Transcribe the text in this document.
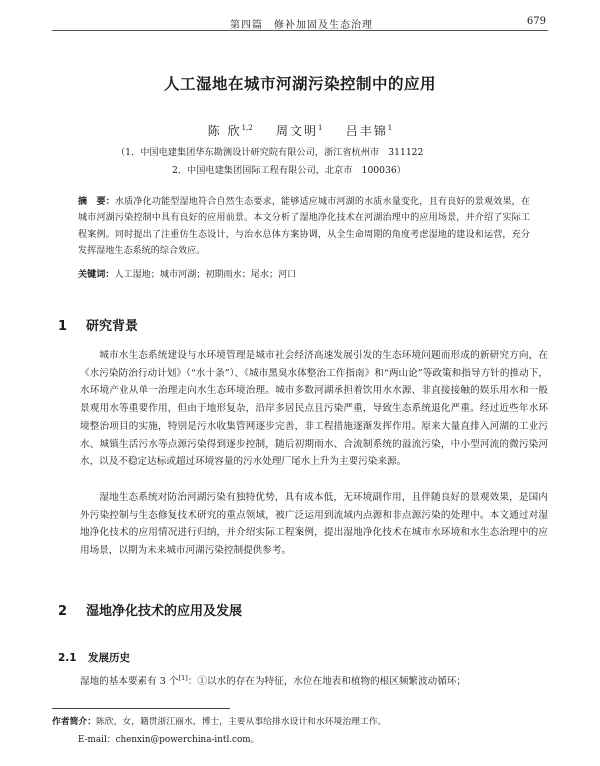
第四篇　修补加固及生态治理	679
人工湿地在城市河湖污染控制中的应用
陈 欣$^{1,2}$ 周文明$^1$ 吕丰锦$^1$
（1．中国电建集团华东勘测设计研究院有限公司，浙江省杭州市　311122
2．中国电建集团国际工程有限公司，北京市　100036）
摘　要：水质净化功能型湿地符合自然生态要求，能够适应城市河湖的水质水量变化，且有良好的景观效果，在城市河湖污染控制中具有良好的应用前景。本文分析了湿地净化技术在河湖治理中的应用场景，并介绍了实际工程案例。同时提出了注重仿生态设计，与治水总体方案协调，从全生命周期的角度考虑湿地的建设和运营，充分发挥湿地生态系统的综合效应。
关键词：人工湿地；城市河湖；初期雨水；尾水；河口
1 研究背景
城市水生态系统建设与水环境管理是城市社会经济高速发展引发的生态环境问题而形成的新研究方向，在《水污染防治行动计划》（“水十条”）、《城市黑臭水体整治工作指南》和“两山论”等政策和指导方针的推动下，水环境产业从单一治理走向水生态环境治理。城市多数河湖承担着饮用水水源、非直接接触的娱乐用水和一般景观用水等重要作用，但由于地形复杂，沿岸多居民点且污染严重，导致生态系统退化严重。经过近些年水环境整治项目的实施，特别是污水收集管网逐步完善，非工程措施逐渐发挥作用。原来大量直排入河湖的工业污水、城镇生活污水等点源污染得到逐步控制，随后初期雨水、合流制系统的溢流污染，中小型河流的微污染河水，以及不稳定达标或超过环境容量的污水处理厂尾水上升为主要污染来源。
湿地生态系统对防治河湖污染有独特优势，具有成本低，无环境副作用，且伴随良好的景观效果，是国内外污染控制与生态修复技术研究的重点领域，被广泛运用到流域内点源和非点源污染的处理中。本文通过对湿地净化技术的应用情况进行归纳，并介绍实际工程案例，提出湿地净化技术在城市水环境和水生态治理中的应用场景，以期为未来城市河湖污染控制提供参考。
2 湿地净化技术的应用及发展
2.1 发展历史
湿地的基本要素有 3 个[1]：①以水的存在为特征，水位在地表和植物的根区频繁波动循环；
作者简介：陈欣，女，籍贯浙江丽水，博士，主要从事给排水设计和水环境治理工作。
E-mail：chenxin@powerchina-intl.com。
